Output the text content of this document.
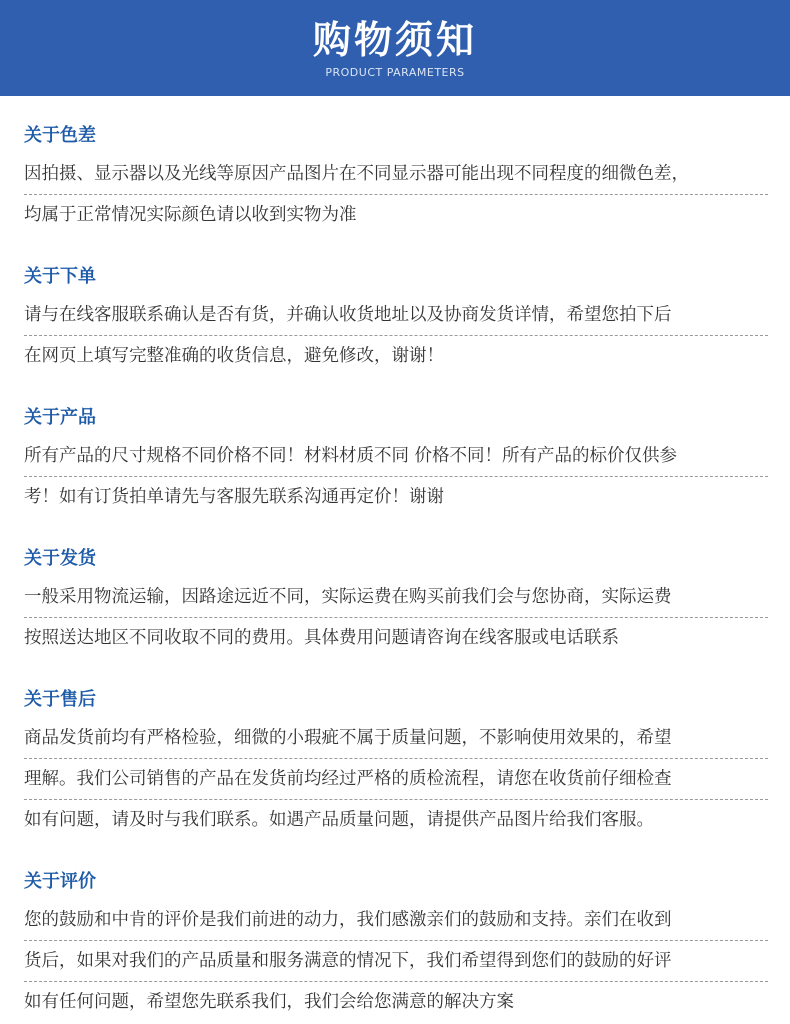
购物须知
PRODUCT PARAMETERS
关于色差
因拍摄、显示器以及光线等原因产品图片在不同显示器可能出现不同程度的细微色差，
均属于正常情况实际颜色请以收到实物为准
关于下单
请与在线客服联系确认是否有货，并确认收货地址以及协商发货详情，希望您拍下后
在网页上填写完整准确的收货信息，避免修改，谢谢！
关于产品
所有产品的尺寸规格不同价格不同！材料材质不同 价格不同！所有产品的标价仅供参
考！如有订货拍单请先与客服先联系沟通再定价！谢谢
关于发货
一般采用物流运输，因路途远近不同，实际运费在购买前我们会与您协商，实际运费
按照送达地区不同收取不同的费用。具体费用问题请咨询在线客服或电话联系
关于售后
商品发货前均有严格检验，细微的小瑕疵不属于质量问题，不影响使用效果的，希望
理解。我们公司销售的产品在发货前均经过严格的质检流程，请您在收货前仔细检查
如有问题，请及时与我们联系。如遇产品质量问题，请提供产品图片给我们客服。
关于评价
您的鼓励和中肯的评价是我们前进的动力，我们感激亲们的鼓励和支持。亲们在收到
货后，如果对我们的产品质量和服务满意的情况下，我们希望得到您们的鼓励的好评
如有任何问题，希望您先联系我们，我们会给您满意的解决方案
